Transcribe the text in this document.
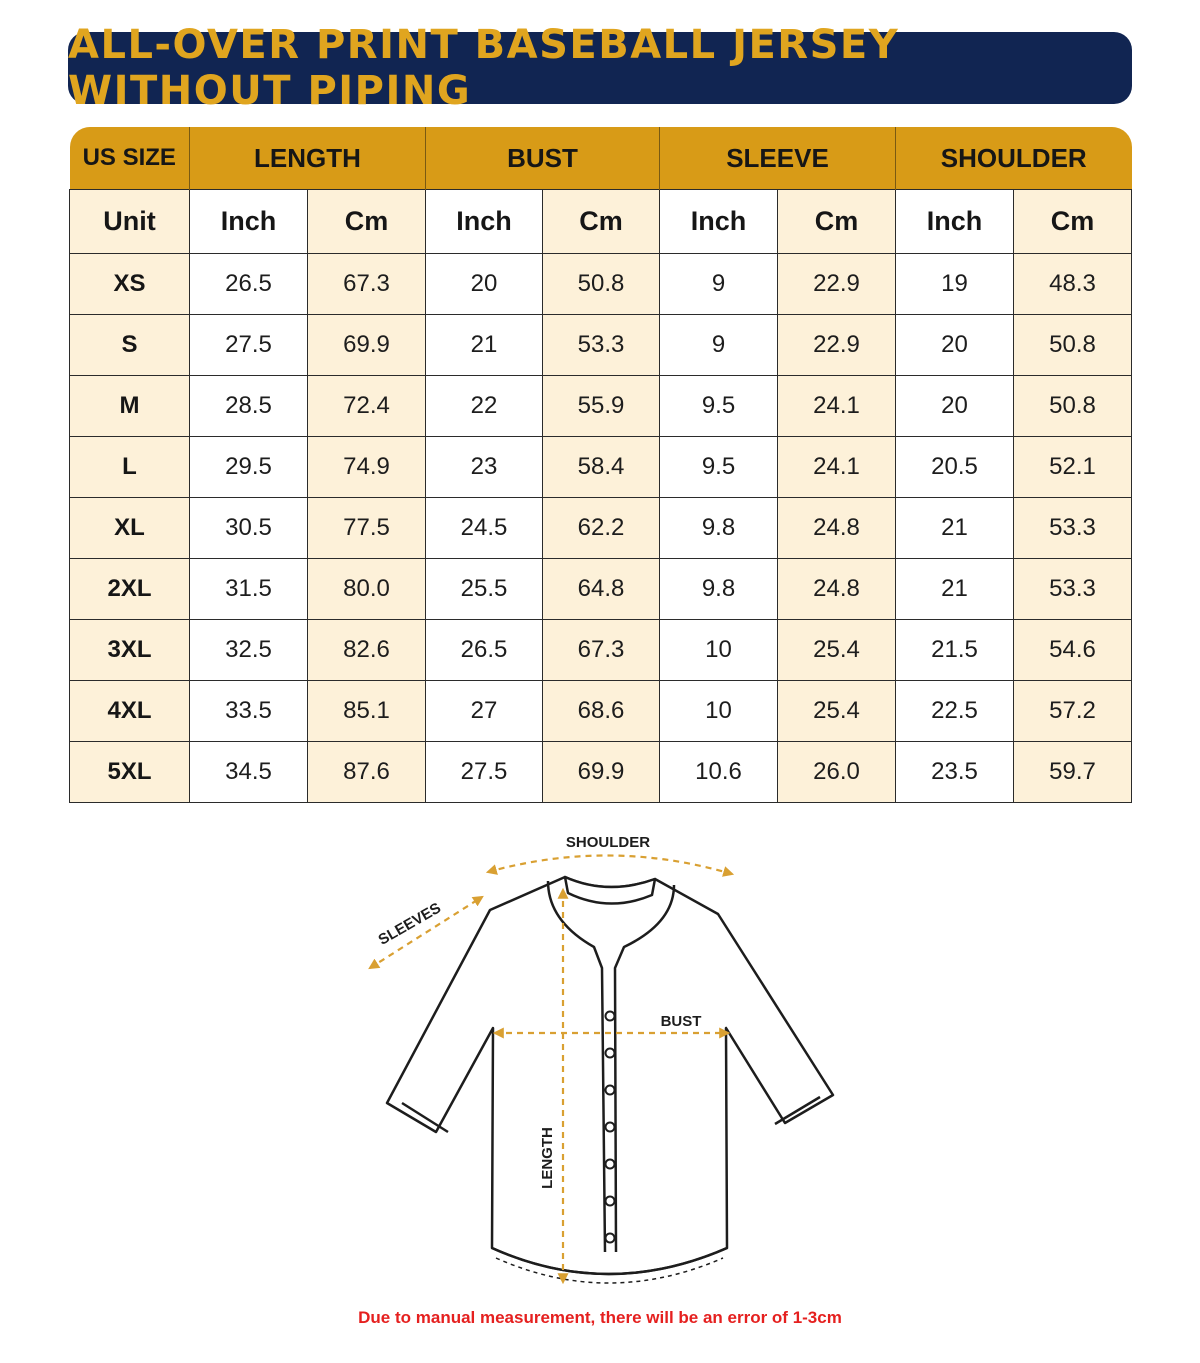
ALL-OVER PRINT BASEBALL JERSEY WITHOUT PIPING
US SIZE	LENGTH		BUST		SLEEVE		SHOULDER	
Unit	Inch	Cm	Inch	Cm	Inch	Cm	Inch	Cm
XS	26.5	67.3	20	50.8	9	22.9	19	48.3
S	27.5	69.9	21	53.3	9	22.9	20	50.8
M	28.5	72.4	22	55.9	9.5	24.1	20	50.8
L	29.5	74.9	23	58.4	9.5	24.1	20.5	52.1
XL	30.5	77.5	24.5	62.2	9.8	24.8	21	53.3
2XL	31.5	80.0	25.5	64.8	9.8	24.8	21	53.3
3XL	32.5	82.6	26.5	67.3	10	25.4	21.5	54.6
4XL	33.5	85.1	27	68.6	10	25.4	22.5	57.2
5XL	34.5	87.6	27.5	69.9	10.6	26.0	23.5	59.7
SHOULDER
SLEEVES
BUST
LENGTH
Due to manual measurement, there will be an error of 1-3cm
